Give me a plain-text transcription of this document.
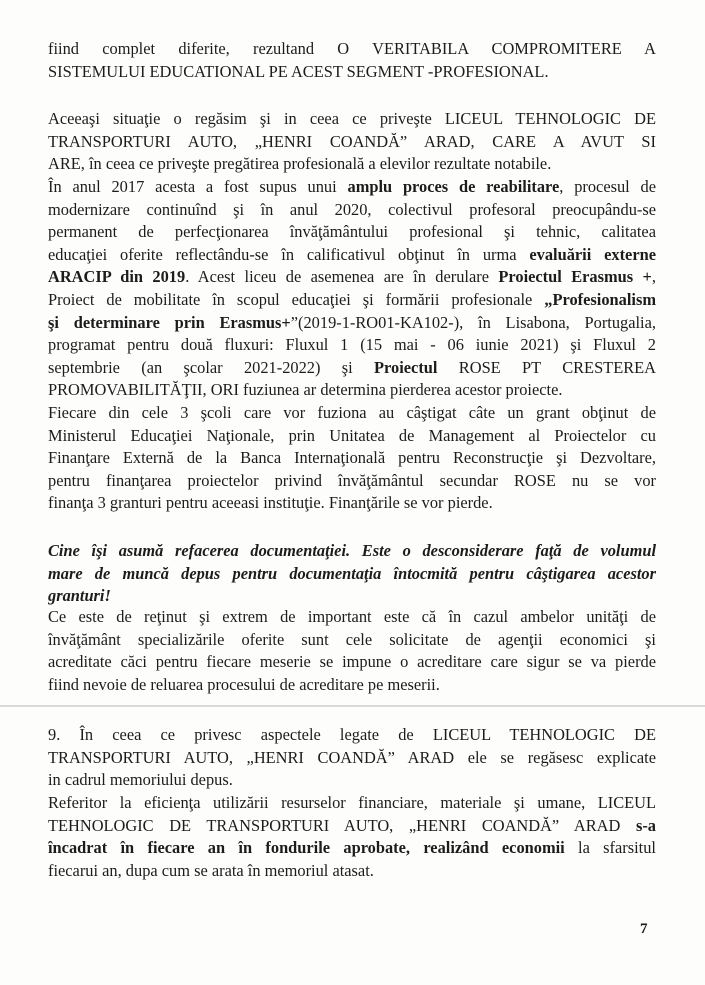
fiind complet diferite, rezultand O VERITABILA COMPROMITERE A
SISTEMULUI EDUCATIONAL PE ACEST SEGMENT -PROFESIONAL.

Aceeaşi situaţie o regăsim şi in ceea ce priveşte LICEUL TEHNOLOGIC DE
TRANSPORTURI AUTO, „HENRI COANDĂ” ARAD, CARE A AVUT SI
ARE, în ceea ce priveşte pregătirea profesională a elevilor rezultate notabile.

În anul 2017 acesta a fost supus unui amplu proces de reabilitare, procesul de
modernizare continuînd şi în anul 2020, colectivul profesoral preocupându-se
permanent de perfecţionarea învăţământului profesional şi tehnic, calitatea
educaţiei oferite reflectându-se în calificativul obţinut în urma evaluării externe
ARACIP din 2019. Acest liceu de asemenea are în derulare Proiectul Erasmus +,
Proiect de mobilitate în scopul educaţiei şi formării profesionale „Profesionalism
şi determinare prin Erasmus+”(2019-1-RO01-KA102-), în Lisabona, Portugalia,
programat pentru două fluxuri: Fluxul 1 (15 mai - 06 iunie 2021) şi Fluxul 2
septembrie (an şcolar 2021-2022) şi Proiectul ROSE PT CRESTEREA
PROMOVABILITĂŢII, ORI fuziunea ar determina pierderea acestor proiecte.

Fiecare din cele 3 şcoli care vor fuziona au câştigat câte un grant obţinut de
Ministerul Educaţiei Naţionale, prin Unitatea de Management al Proiectelor cu
Finanţare Externă de la Banca Internaţională pentru Reconstrucţie şi Dezvoltare,
pentru finanţarea proiectelor privind învăţământul secundar ROSE nu se vor
finanţa 3 granturi pentru aceeasi instituţie. Finanţările se vor pierde.

Cine îşi asumă refacerea documentaţiei. Este o desconsiderare faţă de volumul
mare de muncă depus pentru documentaţia întocmită pentru câştigarea acestor
granturi!

Ce este de reţinut şi extrem de important este că în cazul ambelor unităţi de
învăţământ specializările oferite sunt cele solicitate de agenţii economici şi
acreditate căci pentru fiecare meserie se impune o acreditare care sigur se va pierde
fiind nevoie de reluarea procesului de acreditare pe meserii.

9. În ceea ce privesc aspectele legate de LICEUL TEHNOLOGIC DE
TRANSPORTURI AUTO, „HENRI COANDĂ” ARAD ele se regăsesc explicate
in cadrul memoriului depus.

Referitor la eficienţa utilizării resurselor financiare, materiale şi umane, LICEUL
TEHNOLOGIC DE TRANSPORTURI AUTO, „HENRI COANDĂ” ARAD s-a
încadrat în fiecare an în fondurile aprobate, realizând economii la sfarsitul
fiecarui an, dupa cum se arata în memoriul atasat.

7
